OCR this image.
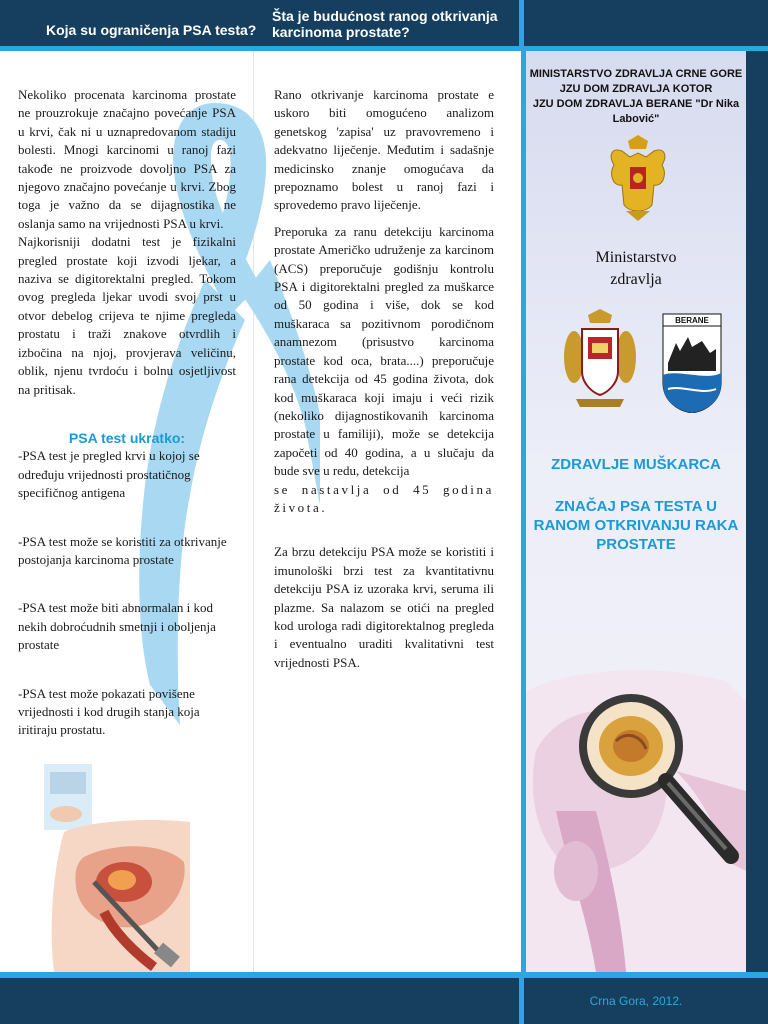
Koja su ograničenja PSA testa?
Šta je budućnost ranog otkrivanja karcinoma prostate?

Nekoliko procenata karcinoma prostate ne prouzrokuje značajno povećanje PSA u krvi, čak ni u uznapredovanom stadiju bolesti. Mnogi karcinomi u ranoj fazi takođe ne proizvode dovoljno PSA za njegovo značajno povećanje u krvi. Zbog toga je važno da se dijagnostika ne oslanja samo na vrijednosti PSA u krvi.

Najkorisniji dodatni test je fizikalni pregled prostate koji izvodi ljekar, a naziva se digitorektalni pregled. Tokom ovog pregleda ljekar uvodi svoj prst u otvor debelog crijeva te njime pregleda prostatu i traži znakove otvrdlih i izbočina na njoj, provjerava veličinu, oblik, njenu tvrdoću i bolnu osjetljivost na pritisak.

PSA test ukratko:

-PSA test je pregled krvi u kojoj se određuju vrijednosti prostatičnog specifičnog antigena

-PSA test može se koristiti za otkrivanje postojanja karcinoma prostate

-PSA test može biti abnormalan i kod nekih dobroćudnih smetnji i oboljenja prostate

-PSA test može pokazati povišene vrijednosti i kod drugih stanja koja iritiraju prostatu.

Rano otkrivanje karcinoma prostate e uskoro biti omogućeno analizom genetskog 'zapisa' uz pravovremeno i adekvatno liječenje. Međutim i sadašnje medicinsko znanje omogućava da prepoznamo bolest u ranoj fazi i sprovedemo pravo liječenje.

Preporuka za ranu detekciju karcinoma prostate Američko udruženje za karcinom (ACS) preporučuje godišnju kontrolu PSA i digitorektalni pregled za muškarce od 50 godina i više, dok se kod muškaraca sa pozitivnom porodičnom anamnezom (prisustvo karcinoma prostate kod oca, brata....) preporučuje rana detekcija od 45 godina života, dok kod muškaraca koji imaju i veći rizik (nekoliko dijagnostikovanih karcinoma prostate u familiji), može se detekcija započeti od 40 godina, a u slučaju da bude sve u redu, detekcija

se nastavlja od 45 godina života.

Za brzu detekciju PSA može se koristiti i imunološki brzi test za kvantitativnu detekciju PSA iz uzoraka krvi, seruma ili plazme. Sa nalazom se otići na pregled kod urologa radi digitorektalnog pregleda i eventualno uraditi kvalitativni test vrijednosti PSA.

MINISTARSTVO ZDRAVLJA CRNE GORE
JZU DOM ZDRAVLJA KOTOR
JZU DOM ZDRAVLJA BERANE "Dr Nika Labović"
Ministarstvo
zdravlja
BERANE
ZDRAVLJE MUŠKARCA
ZNAČAJ PSA TESTA U RANOM OTKRIVANJU RAKA PROSTATE
Crna Gora, 2012.
